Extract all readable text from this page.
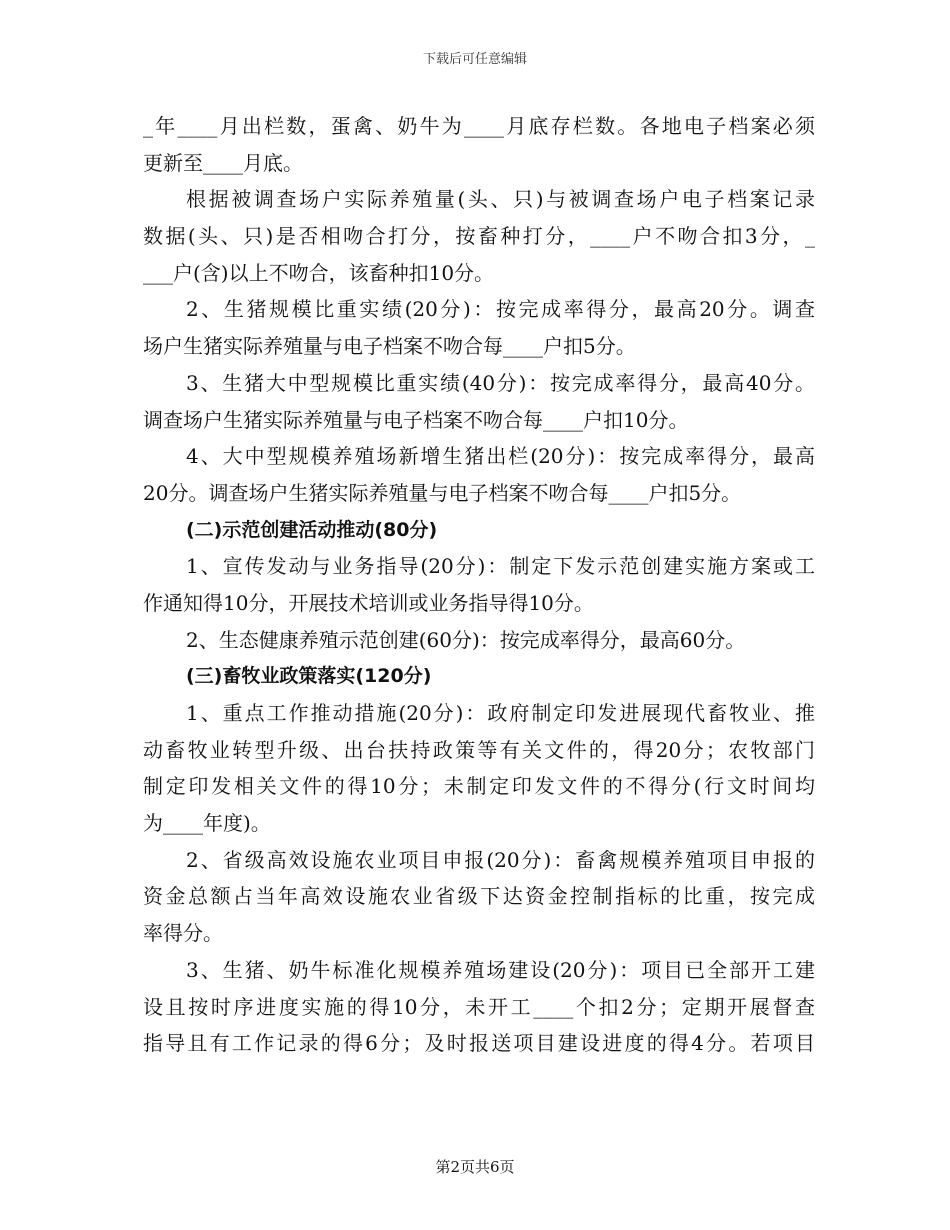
下载后可任意编辑
_年____月出栏数，蛋禽、奶牛为____月底存栏数。各地电子档案必须
更新至____月底。
根据被调查场户实际养殖量(头、只)与被调查场户电子档案记录
数据(头、只)是否相吻合打分，按畜种打分，____户不吻合扣3分，_
___户(含)以上不吻合，该畜种扣10分。
2、生猪规模比重实绩(20分)：按完成率得分，最高20分。调查
场户生猪实际养殖量与电子档案不吻合每____户扣5分。
3、生猪大中型规模比重实绩(40分)：按完成率得分，最高40分。
调查场户生猪实际养殖量与电子档案不吻合每____户扣10分。
4、大中型规模养殖场新增生猪出栏(20分)：按完成率得分，最高
20分。调查场户生猪实际养殖量与电子档案不吻合每____户扣5分。
(二)示范创建活动推动(80分)
1、宣传发动与业务指导(20分)：制定下发示范创建实施方案或工
作通知得10分，开展技术培训或业务指导得10分。
2、生态健康养殖示范创建(60分)：按完成率得分，最高60分。
(三)畜牧业政策落实(120分)
1、重点工作推动措施(20分)：政府制定印发进展现代畜牧业、推
动畜牧业转型升级、出台扶持政策等有关文件的，得20分；农牧部门
制定印发相关文件的得10分；未制定印发文件的不得分(行文时间均
为____年度)。
2、省级高效设施农业项目申报(20分)：畜禽规模养殖项目申报的
资金总额占当年高效设施农业省级下达资金控制指标的比重，按完成
率得分。
3、生猪、奶牛标准化规模养殖场建设(20分)：项目已全部开工建
设且按时序进度实施的得10分，未开工____个扣2分；定期开展督查
指导且有工作记录的得6分；及时报送项目建设进度的得4分。若项目
第2页共6页
